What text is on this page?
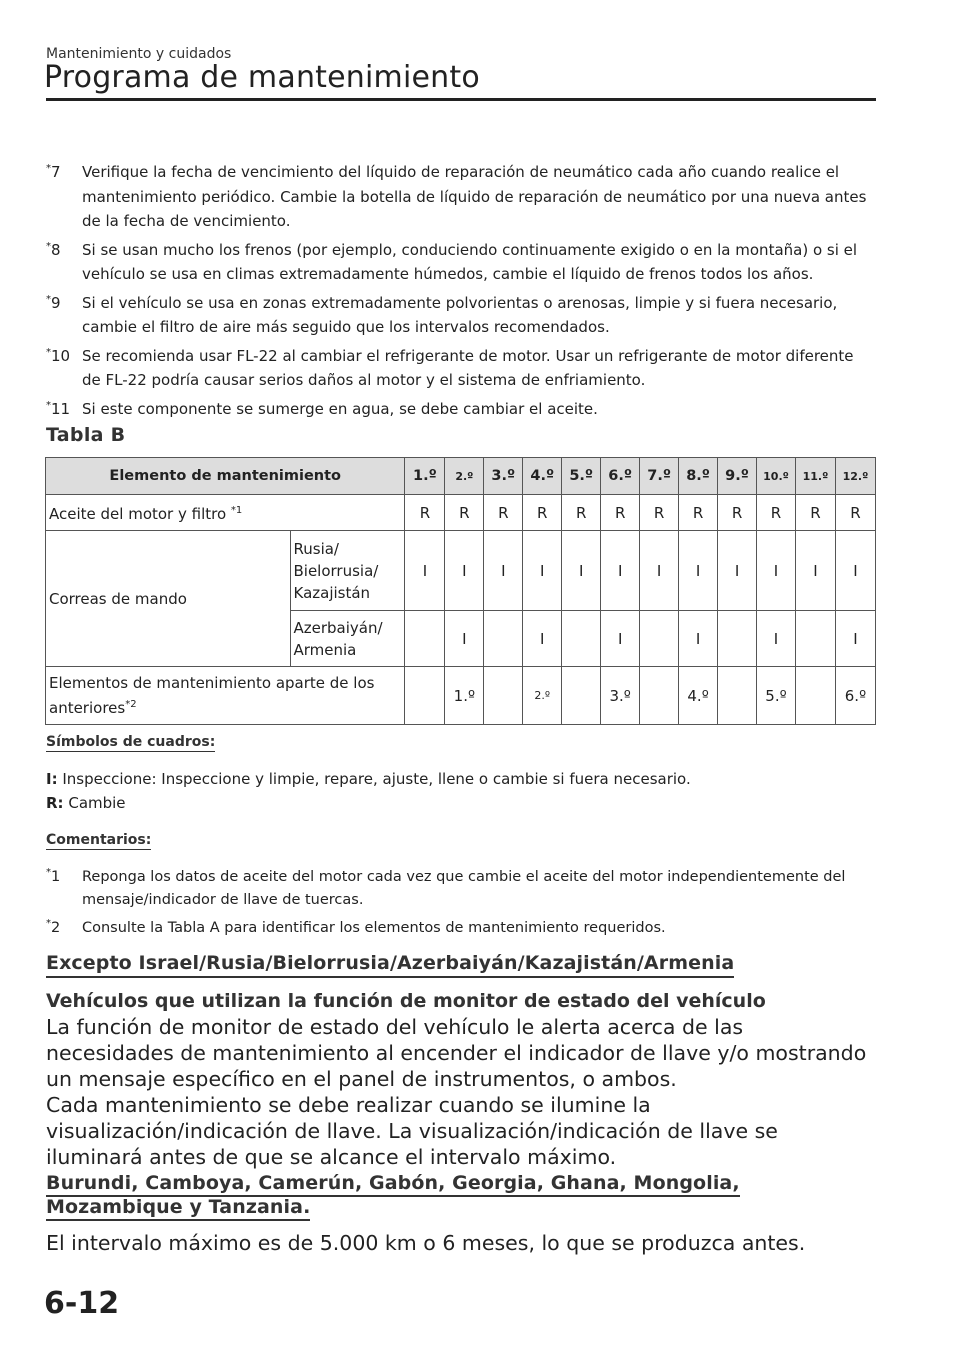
Mantenimiento y cuidados
Programa de mantenimiento
*7	Verifique la fecha de vencimiento del líquido de reparación de neumático cada año cuando realice el mantenimiento periódico. Cambie la botella de líquido de reparación de neumático por una nueva antes de la fecha de vencimiento.
*8	Si se usan mucho los frenos (por ejemplo, conduciendo continuamente exigido o en la montaña) o si el vehículo se usa en climas extremadamente húmedos, cambie el líquido de frenos todos los años.
*9	Si el vehículo se usa en zonas extremadamente polvorientas o arenosas, limpie y si fuera necesario, cambie el filtro de aire más seguido que los intervalos recomendados.
*10 Se recomienda usar FL-22 al cambiar el refrigerante de motor. Usar un refrigerante de motor diferente de FL-22 podría causar serios daños al motor y el sistema de enfriamiento.
*11 Si este componente se sumerge en agua, se debe cambiar el aceite.
Tabla B
Elemento de mantenimiento		1.º	2.º	3.º	4.º	5.º	6.º	7.º	8.º	9.º	10.º	11.º	12.º
Aceite del motor y filtro $^{*1}$		R	R	R	R	R	R	R	R	R	R	R	R
Correas de mando	Rusia/ Bielorrusia/ Kazajistán	I	I	I	I	I	I	I	I	I	I	I	I
	Azerbaiyán/ Armenia		I		I		I		I		I		I
Elementos de mantenimiento aparte de los anteriores$^{*2}$			1.º		2.º		3.º		4.º		5.º		6.º
Símbolos de cuadros:
I: Inspeccione: Inspeccione y limpie, repare, ajuste, llene o cambie si fuera necesario.
R: Cambie
Comentarios:
*1	Reponga los datos de aceite del motor cada vez que cambie el aceite del motor independientemente del mensaje/indicador de llave de tuercas.
*2	Consulte la Tabla A para identificar los elementos de mantenimiento requeridos.
Excepto Israel/Rusia/Bielorrusia/Azerbaiyán/Kazajistán/Armenia
Vehículos que utilizan la función de monitor de estado del vehículo
La función de monitor de estado del vehículo le alerta acerca de las necesidades de mantenimiento al encender el indicador de llave y/o mostrando un mensaje específico en el panel de instrumentos, o ambos.
Cada mantenimiento se debe realizar cuando se ilumine la visualización/indicación de llave. La visualización/indicación de llave se iluminará antes de que se alcance el intervalo máximo.
Burundi, Camboya, Camerún, Gabón, Georgia, Ghana, Mongolia, Mozambique y Tanzania.
El intervalo máximo es de 5.000 km o 6 meses, lo que se produzca antes.
6-12
